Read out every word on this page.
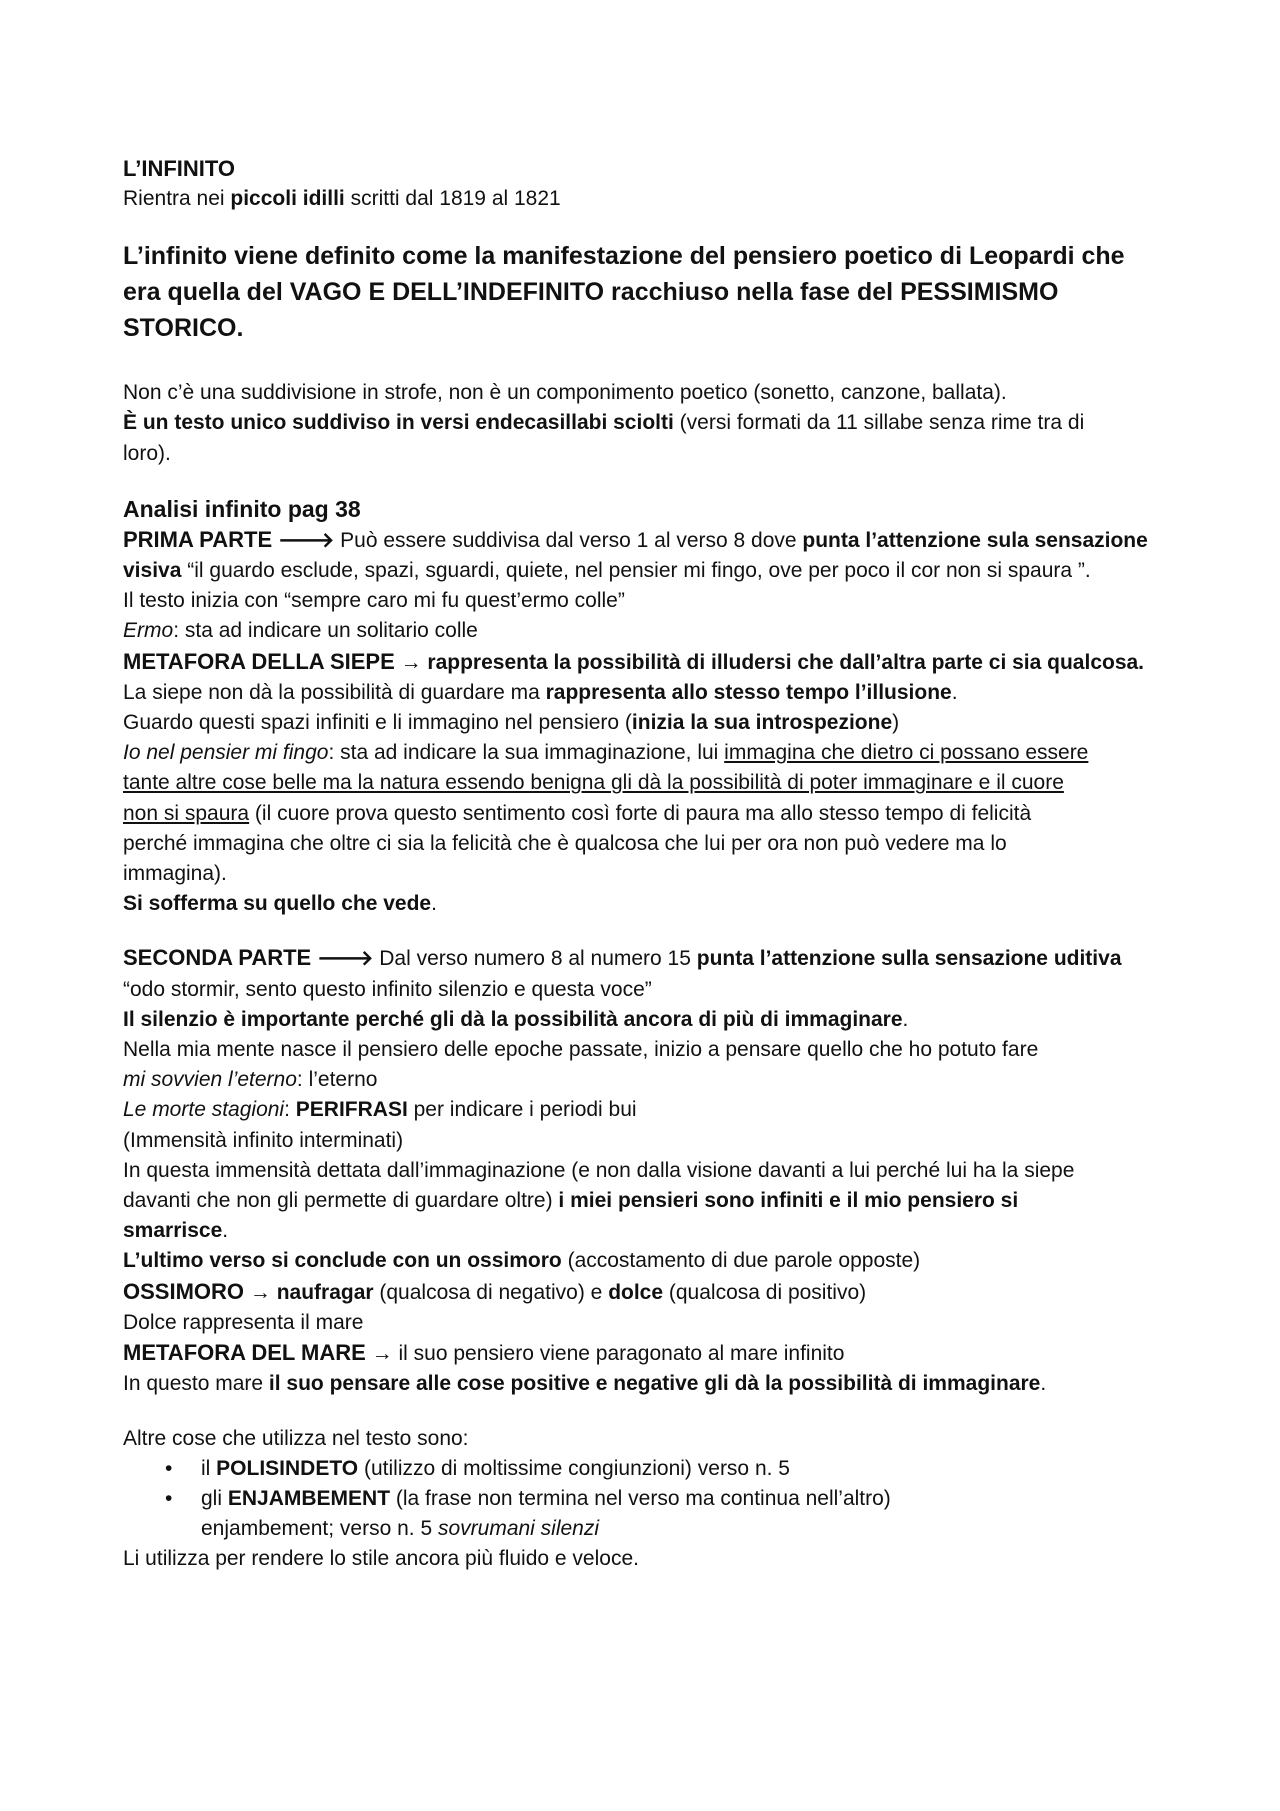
L’INFINITO
Rientra nei piccoli idilli scritti dal 1819 al 1821
L’infinito viene definito come la manifestazione del pensiero poetico di Leopardi che
era quella del VAGO E DELL’INDEFINITO racchiuso nella fase del PESSIMISMO
STORICO.
Non c’è una suddivisione in strofe, non è un componimento poetico (sonetto, canzone, ballata).
È un testo unico suddiviso in versi endecasillabi sciolti (versi formati da 11 sillabe senza rime tra di
loro).
Analisi infinito pag 38
PRIMA PARTE 🡒 Può essere suddivisa dal verso 1 al verso 8 dove punta l’attenzione sula sensazione
visiva “il guardo esclude, spazi, sguardi, quiete, nel pensier mi fingo, ove per poco il cor non si spaura ”.
Il testo inizia con “sempre caro mi fu quest’ermo colle”
Ermo: sta ad indicare un solitario colle
METAFORA DELLA SIEPE → rappresenta la possibilità di illudersi che dall’altra parte ci sia qualcosa.
La siepe non dà la possibilità di guardare ma rappresenta allo stesso tempo l’illusione.
Guardo questi spazi infiniti e li immagino nel pensiero (inizia la sua introspezione)
Io nel pensier mi fingo: sta ad indicare la sua immaginazione, lui immagina che dietro ci possano essere
tante altre cose belle ma la natura essendo benigna gli dà la possibilità di poter immaginare e il cuore
non si spaura (il cuore prova questo sentimento così forte di paura ma allo stesso tempo di felicità
perché immagina che oltre ci sia la felicità che è qualcosa che lui per ora non può vedere ma lo
immagina).
Si sofferma su quello che vede.
SECONDA PARTE 🡒 Dal verso numero 8 al numero 15 punta l’attenzione sulla sensazione uditiva
“odo stormir, sento questo infinito silenzio e questa voce”
Il silenzio è importante perché gli dà la possibilità ancora di più di immaginare.
Nella mia mente nasce il pensiero delle epoche passate, inizio a pensare quello che ho potuto fare
mi sovvien l’eterno: l’eterno
Le morte stagioni: PERIFRASI per indicare i periodi bui
(Immensità infinito interminati)
In questa immensità dettata dall’immaginazione (e non dalla visione davanti a lui perché lui ha la siepe
davanti che non gli permette di guardare oltre) i miei pensieri sono infiniti e il mio pensiero si
smarrisce.
L’ultimo verso si conclude con un ossimoro (accostamento di due parole opposte)
OSSIMORO → naufragar (qualcosa di negativo) e dolce (qualcosa di positivo)
Dolce rappresenta il mare
METAFORA DEL MARE → il suo pensiero viene paragonato al mare infinito
In questo mare il suo pensare alle cose positive e negative gli dà la possibilità di immaginare.
Altre cose che utilizza nel testo sono:
• il POLISINDETO (utilizzo di moltissime congiunzioni) verso n. 5
• gli ENJAMBEMENT (la frase non termina nel verso ma continua nell’altro)
enjambement; verso n. 5 sovrumani silenzi
Li utilizza per rendere lo stile ancora più fluido e veloce.
